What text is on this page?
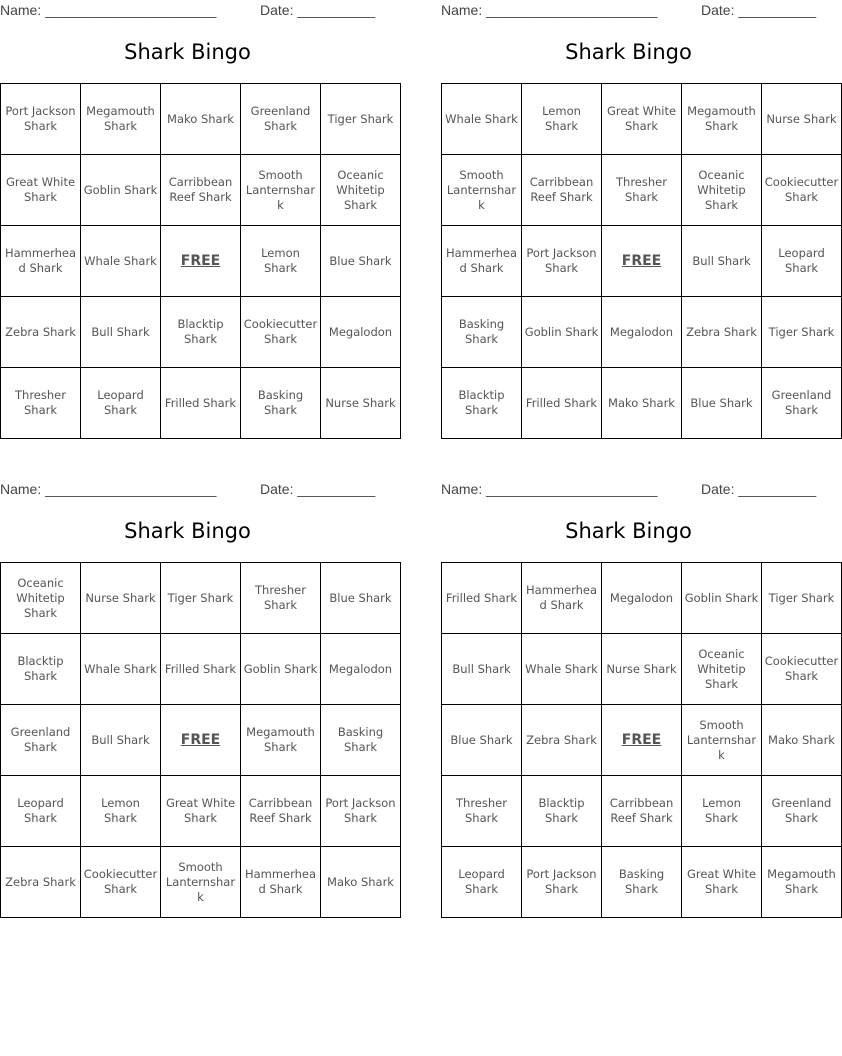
Name: ______________________	Date: __________
Shark Bingo
Port Jackson Shark	Megamouth Shark	Mako Shark	Greenland Shark	Tiger Shark
Great White Shark	Goblin Shark	Carribbean Reef Shark	Smooth Lanternshark	Oceanic Whitetip Shark
Hammerhead Shark	Whale Shark	FREE	Lemon Shark	Blue Shark
Zebra Shark	Bull Shark	Blacktip Shark	Cookiecutter Shark	Megalodon
Thresher Shark	Leopard Shark	Frilled Shark	Basking Shark	Nurse Shark
Name: ______________________	Date: __________
Shark Bingo
Whale Shark	Lemon Shark	Great White Shark	Megamouth Shark	Nurse Shark
Smooth Lanternshark	Carribbean Reef Shark	Thresher Shark	Oceanic Whitetip Shark	Cookiecutter Shark
Hammerhead Shark	Port Jackson Shark	FREE	Bull Shark	Leopard Shark
Basking Shark	Goblin Shark	Megalodon	Zebra Shark	Tiger Shark
Blacktip Shark	Frilled Shark	Mako Shark	Blue Shark	Greenland Shark
Name: ______________________	Date: __________
Shark Bingo
Oceanic Whitetip Shark	Nurse Shark	Tiger Shark	Thresher Shark	Blue Shark
Blacktip Shark	Whale Shark	Frilled Shark	Goblin Shark	Megalodon
Greenland Shark	Bull Shark	FREE	Megamouth Shark	Basking Shark
Leopard Shark	Lemon Shark	Great White Shark	Carribbean Reef Shark	Port Jackson Shark
Zebra Shark	Cookiecutter Shark	Smooth Lanternshark	Hammerhead Shark	Mako Shark
Name: ______________________	Date: __________
Shark Bingo
Frilled Shark	Hammerhead Shark	Megalodon	Goblin Shark	Tiger Shark
Bull Shark	Whale Shark	Nurse Shark	Oceanic Whitetip Shark	Cookiecutter Shark
Blue Shark	Zebra Shark	FREE	Smooth Lanternshark	Mako Shark
Thresher Shark	Blacktip Shark	Carribbean Reef Shark	Lemon Shark	Greenland Shark
Leopard Shark	Port Jackson Shark	Basking Shark	Great White Shark	Megamouth Shark
